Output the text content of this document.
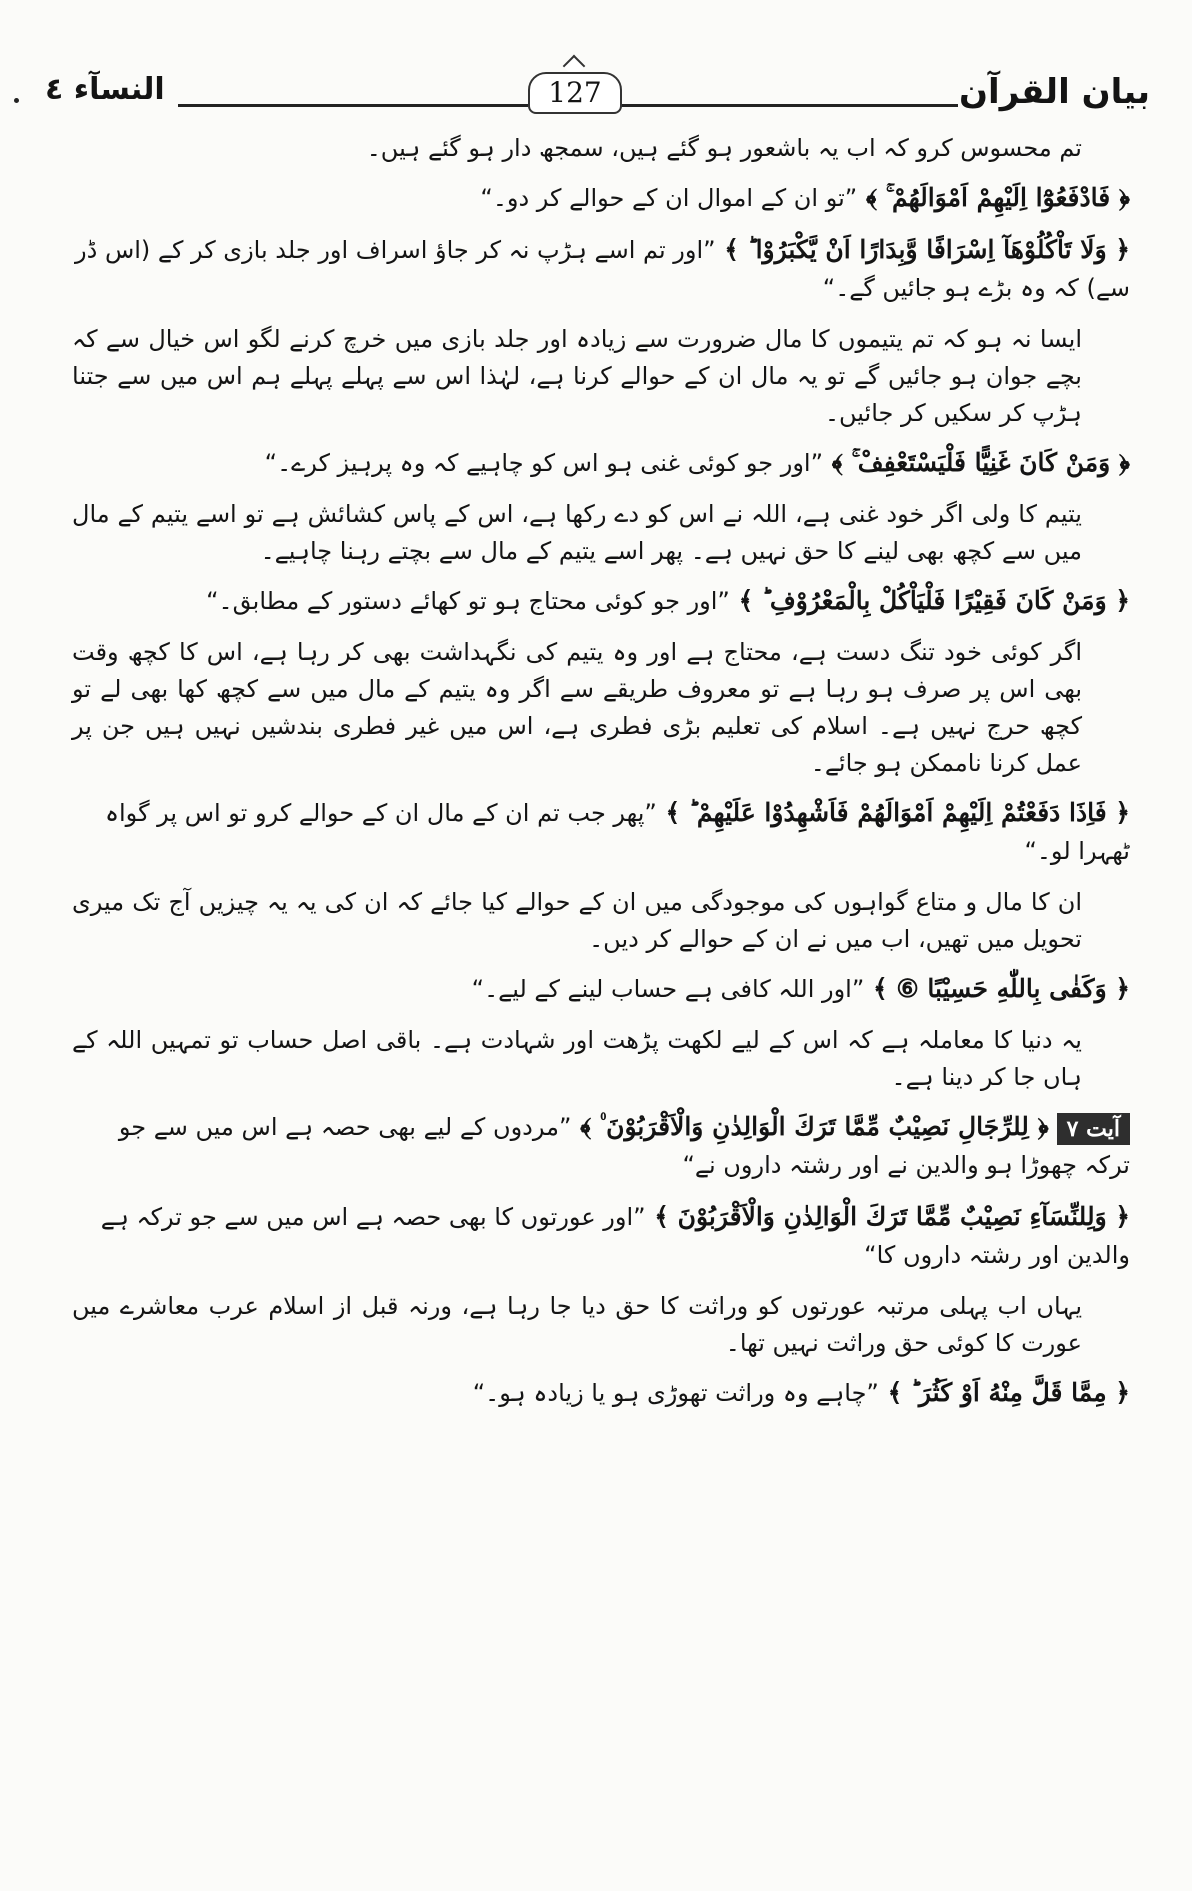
بیان القرآن
127
النسآء ٤
تم محسوس کرو کہ اب یہ باشعور ہو گئے ہیں، سمجھ دار ہو گئے ہیں۔
﴿ فَادْفَعُوْٓا اِلَیْھِمْ اَمْوَالَھُمْ ۚ ﴾ ”تو ان کے اموال ان کے حوالے کر دو۔“
﴿ وَلَا تَاْكُلُوْھَآ اِسْرَافًا وَّبِدَارًا اَنْ یَّكْبَرُوْا ؕ ﴾ ”اور تم اسے ہڑپ نہ کر جاؤ اسراف اور جلد بازی کر کے (اس ڈر سے) کہ وہ بڑے ہو جائیں گے۔“
ایسا نہ ہو کہ تم یتیموں کا مال ضرورت سے زیادہ اور جلد بازی میں خرچ کرنے لگو اس خیال سے کہ بچے جوان ہو جائیں گے تو یہ مال ان کے حوالے کرنا ہے، لہٰذا اس سے پہلے پہلے ہم اس میں سے جتنا ہڑپ کر سکیں کر جائیں۔
﴿ وَمَنْ كَانَ غَنِیًّا فَلْیَسْتَعْفِفْ ۚ ﴾ ”اور جو کوئی غنی ہو اس کو چاہیے کہ وہ پرہیز کرے۔“
یتیم کا ولی اگر خود غنی ہے، اللہ نے اس کو دے رکھا ہے، اس کے پاس کشائش ہے تو اسے یتیم کے مال میں سے کچھ بھی لینے کا حق نہیں ہے۔ پھر اسے یتیم کے مال سے بچتے رہنا چاہیے۔
﴿ وَمَنْ كَانَ فَقِیْرًا فَلْیَاْكُلْ بِالْمَعْرُوْفِ ؕ ﴾ ”اور جو کوئی محتاج ہو تو کھائے دستور کے مطابق۔“
اگر کوئی خود تنگ دست ہے، محتاج ہے اور وہ یتیم کی نگہداشت بھی کر رہا ہے، اس کا کچھ وقت بھی اس پر صرف ہو رہا ہے تو معروف طریقے سے اگر وہ یتیم کے مال میں سے کچھ کھا بھی لے تو کچھ حرج نہیں ہے۔ اسلام کی تعلیم بڑی فطری ہے، اس میں غیر فطری بندشیں نہیں ہیں جن پر عمل کرنا ناممکن ہو جائے۔
﴿ فَاِذَا دَفَعْتُمْ اِلَیْھِمْ اَمْوَالَھُمْ فَاَشْھِدُوْا عَلَیْھِمْ ؕ ﴾ ”پھر جب تم ان کے مال ان کے حوالے کرو تو اس پر گواہ ٹھہرا لو۔“
ان کا مال و متاع گواہوں کی موجودگی میں ان کے حوالے کیا جائے کہ ان کی یہ یہ چیزیں آج تک میری تحویل میں تھیں، اب میں نے ان کے حوالے کر دیں۔
﴿ وَكَفٰى بِاللّٰهِ حَسِیْبًا ⑥ ﴾ ”اور اللہ کافی ہے حساب لینے کے لیے۔“
یہ دنیا کا معاملہ ہے کہ اس کے لیے لکھت پڑھت اور شہادت ہے۔ باقی اصل حساب تو تمہیں اللہ کے ہاں جا کر دینا ہے۔
آیت ۷﴿ لِلرِّجَالِ نَصِیْبٌ مِّمَّا تَرَكَ الْوَالِدٰنِ وَالْاَقْرَبُوْنَ ۠ ﴾ ”مردوں کے لیے بھی حصہ ہے اس میں سے جو ترکہ چھوڑا ہو والدین نے اور رشتہ داروں نے“
﴿ وَلِلنِّسَآءِ نَصِیْبٌ مِّمَّا تَرَكَ الْوَالِدٰنِ وَالْاَقْرَبُوْنَ ﴾ ”اور عورتوں کا بھی حصہ ہے اس میں سے جو ترکہ ہے والدین اور رشتہ داروں کا“
یہاں اب پہلی مرتبہ عورتوں کو وراثت کا حق دیا جا رہا ہے، ورنہ قبل از اسلام عرب معاشرے میں عورت کا کوئی حق وراثت نہیں تھا۔
﴿ مِمَّا قَلَّ مِنْهُ اَوْ كَثُرَ ؕ ﴾ ”چاہے وہ وراثت تھوڑی ہو یا زیادہ ہو۔“
